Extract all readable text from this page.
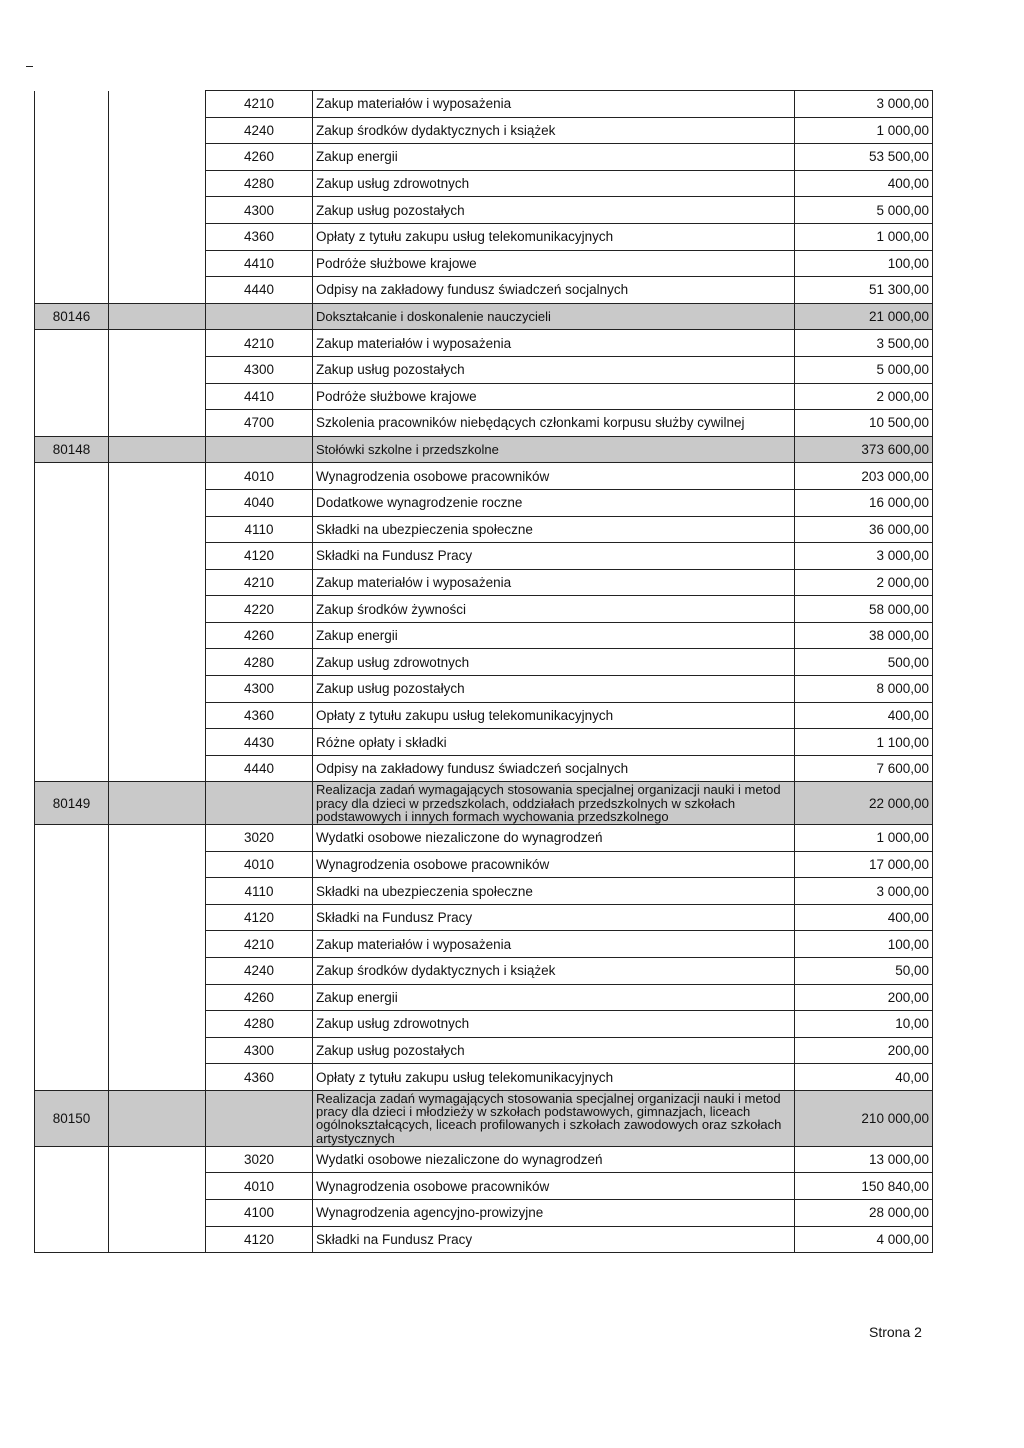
		4210	Zakup materiałów i wyposażenia	3 000,00
		4240	Zakup środków dydaktycznych i książek	1 000,00
		4260	Zakup energii	53 500,00
		4280	Zakup usług zdrowotnych	400,00
		4300	Zakup usług pozostałych	5 000,00
		4360	Opłaty z tytułu zakupu usług telekomunikacyjnych	1 000,00
		4410	Podróże służbowe krajowe	100,00
		4440	Odpisy na zakładowy fundusz świadczeń socjalnych	51 300,00
80146			Dokształcanie i doskonalenie nauczycieli	21 000,00
		4210	Zakup materiałów i wyposażenia	3 500,00
		4300	Zakup usług pozostałych	5 000,00
		4410	Podróże służbowe krajowe	2 000,00
		4700	Szkolenia pracowników niebędących członkami korpusu służby cywilnej	10 500,00
80148			Stołówki szkolne i przedszkolne	373 600,00
		4010	Wynagrodzenia osobowe pracowników	203 000,00
		4040	Dodatkowe wynagrodzenie roczne	16 000,00
		4110	Składki na ubezpieczenia społeczne	36 000,00
		4120	Składki na Fundusz Pracy	3 000,00
		4210	Zakup materiałów i wyposażenia	2 000,00
		4220	Zakup środków żywności	58 000,00
		4260	Zakup energii	38 000,00
		4280	Zakup usług zdrowotnych	500,00
		4300	Zakup usług pozostałych	8 000,00
		4360	Opłaty z tytułu zakupu usług telekomunikacyjnych	400,00
		4430	Różne opłaty i składki	1 100,00
		4440	Odpisy na zakładowy fundusz świadczeń socjalnych	7 600,00
80149			Realizacja zadań wymagających stosowania specjalnej organizacji nauki i metod pracy dla dzieci w przedszkolach, oddziałach przedszkolnych w szkołach podstawowych i innych formach wychowania przedszkolnego	22 000,00
		3020	Wydatki osobowe niezaliczone do wynagrodzeń	1 000,00
		4010	Wynagrodzenia osobowe pracowników	17 000,00
		4110	Składki na ubezpieczenia społeczne	3 000,00
		4120	Składki na Fundusz Pracy	400,00
		4210	Zakup materiałów i wyposażenia	100,00
		4240	Zakup środków dydaktycznych i książek	50,00
		4260	Zakup energii	200,00
		4280	Zakup usług zdrowotnych	10,00
		4300	Zakup usług pozostałych	200,00
		4360	Opłaty z tytułu zakupu usług telekomunikacyjnych	40,00
80150			Realizacja zadań wymagających stosowania specjalnej organizacji nauki i metod pracy dla dzieci i młodzieży w szkołach podstawowych, gimnazjach, liceach ogólnokształcących, liceach profilowanych i szkołach zawodowych oraz szkołach artystycznych	210 000,00
		3020	Wydatki osobowe niezaliczone do wynagrodzeń	13 000,00
		4010	Wynagrodzenia osobowe pracowników	150 840,00
		4100	Wynagrodzenia agencyjno-prowizyjne	28 000,00
		4120	Składki na Fundusz Pracy	4 000,00
Strona 2
